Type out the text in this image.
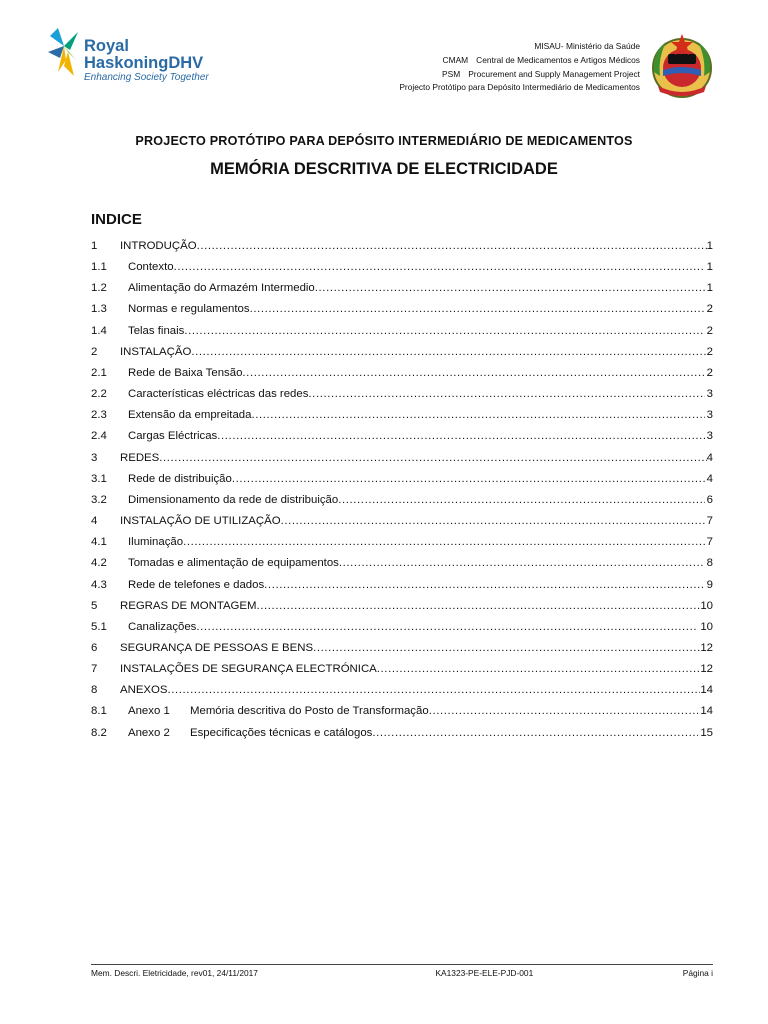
Royal
HaskoningDHV
Enhancing Society Together
MISAU- Ministério da Saúde
CMAM Central de Medicamentos e Artigos Médicos
PSM Procurement and Supply Management Project
Projecto Protótipo para Depósito Intermediário de Medicamentos
PROJECTO PROTÓTIPO PARA DEPÓSITO INTERMEDIÁRIO DE MEDICAMENTOS
MEMÓRIA DESCRITIVA DE ELECTRICIDADE
INDICE
1	INTRODUÇÃO .....	1
1.1	Contexto .....	1
1.2	Alimentação do Armazém Intermedio .....	1
1.3	Normas e regulamentos .....	2
1.4	Telas finais .....	2
2	INSTALAÇÃO .....	2
2.1	Rede de Baixa Tensão .....	2
2.2	Características eléctricas das redes .....	3
2.3	Extensão da empreitada .....	3
2.4	Cargas Eléctricas .....	3
3	REDES .....	4
3.1	Rede de distribuição .....	4
3.2	Dimensionamento da rede de distribuição .....	6
4	INSTALAÇÃO DE UTILIZAÇÃO .....	7
4.1	Iluminação .....	7
4.2	Tomadas e alimentação de equipamentos .....	8
4.3	Rede de telefones e dados .....	9
5	REGRAS DE MONTAGEM .....	10
5.1	Canalizações .....	10
6	SEGURANÇA DE PESSOAS E BENS .....	12
7	INSTALAÇÕES DE SEGURANÇA ELECTRÓNICA .....	12
8	ANEXOS .....	14
8.1	Anexo 1 Memória descritiva do Posto de Transformação .....	14
8.2	Anexo 2 Especificações técnicas e catálogos .....	15
Mem. Descri. Eletricidade, rev01, 24/11/2017	KA1323-PE-ELE-PJD-001	Página i
